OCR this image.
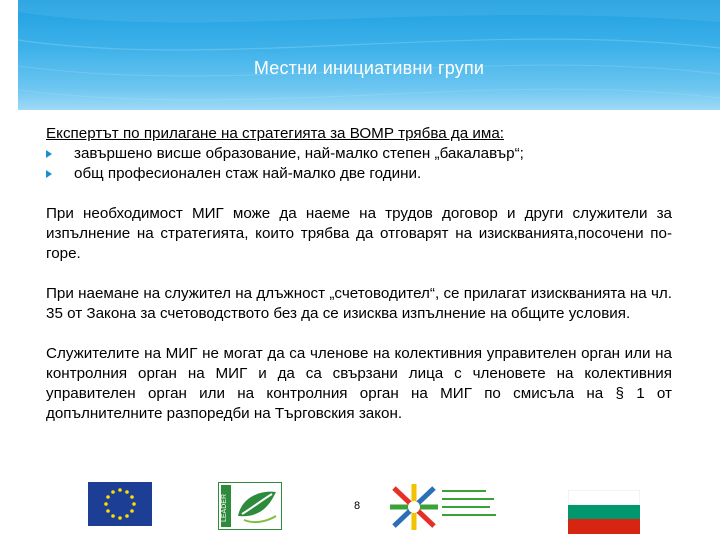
Местни инициативни групи
Експертът по прилагане на стратегията за ВОМР трябва да има:
завършено висше образование, най-малко степен „бакалавър“;
общ професионален стаж най-малко две години.

При необходимост МИГ може да наеме на трудов договор и други служители за изпълнение на стратегията, които трябва да отговарят на изискванията,посочени по-горе.

При наемане на служител на длъжност „счетоводител“, се прилагат изискванията на чл. 35 от Закона за счетоводството без да се изисква изпълнение на общите условия.

Служителите на МИГ не могат да са членове на колективния управителен орган или на контролния орган на МИГ и да са свързани лица с членовете на колективния управителен орган или на контролния орган на МИГ по смисъла на § 1 от допълнителните разпоредби на Търговския закон.

LEADER	8
